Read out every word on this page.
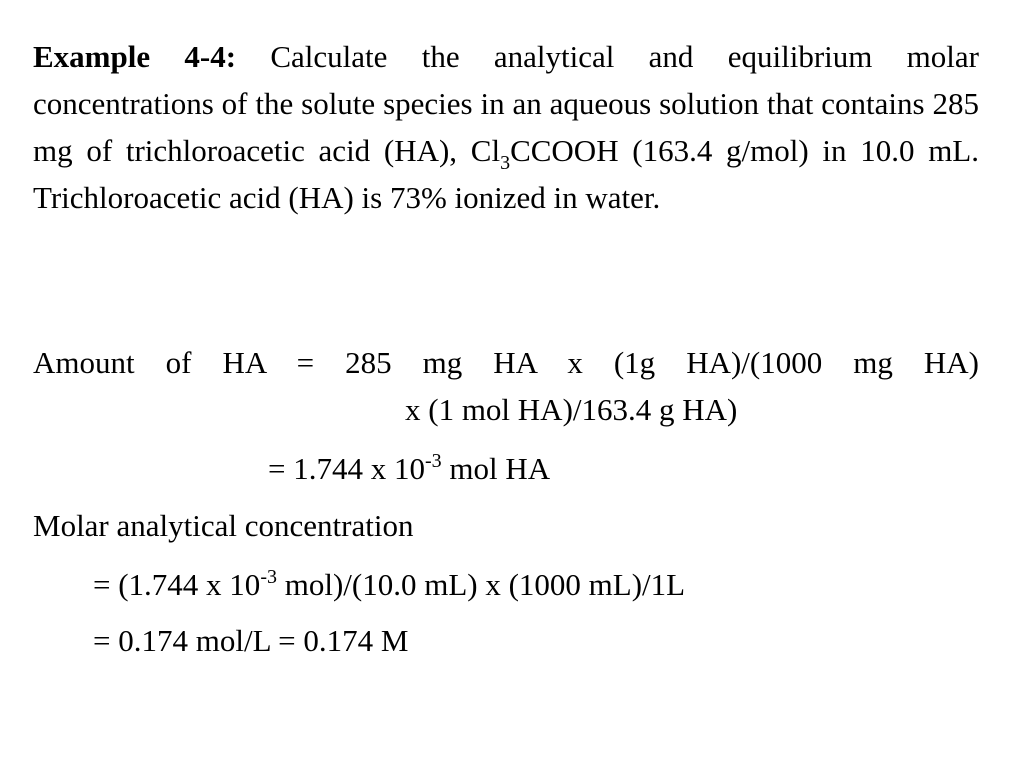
Example 4-4: Calculate the analytical and equilibrium molar concentrations of the solute species in an aqueous solution that contains 285 mg of trichloroacetic acid (HA), $Cl_3CCOOH$ (163.4 g/mol) in 10.0 mL. Trichloroacetic acid (HA) is 73% ionized in water.

Amount of HA = 285 mg HA x (1g HA)/(1000 mg HA)

x (1 mol HA)/163.4 g HA)

= 1.744 x $10^{-3}$ mol HA

Molar analytical concentration

= (1.744 x $10^{-3}$ mol)/(10.0 mL) x (1000 mL)/1L

= 0.174 mol/L = 0.174 M
